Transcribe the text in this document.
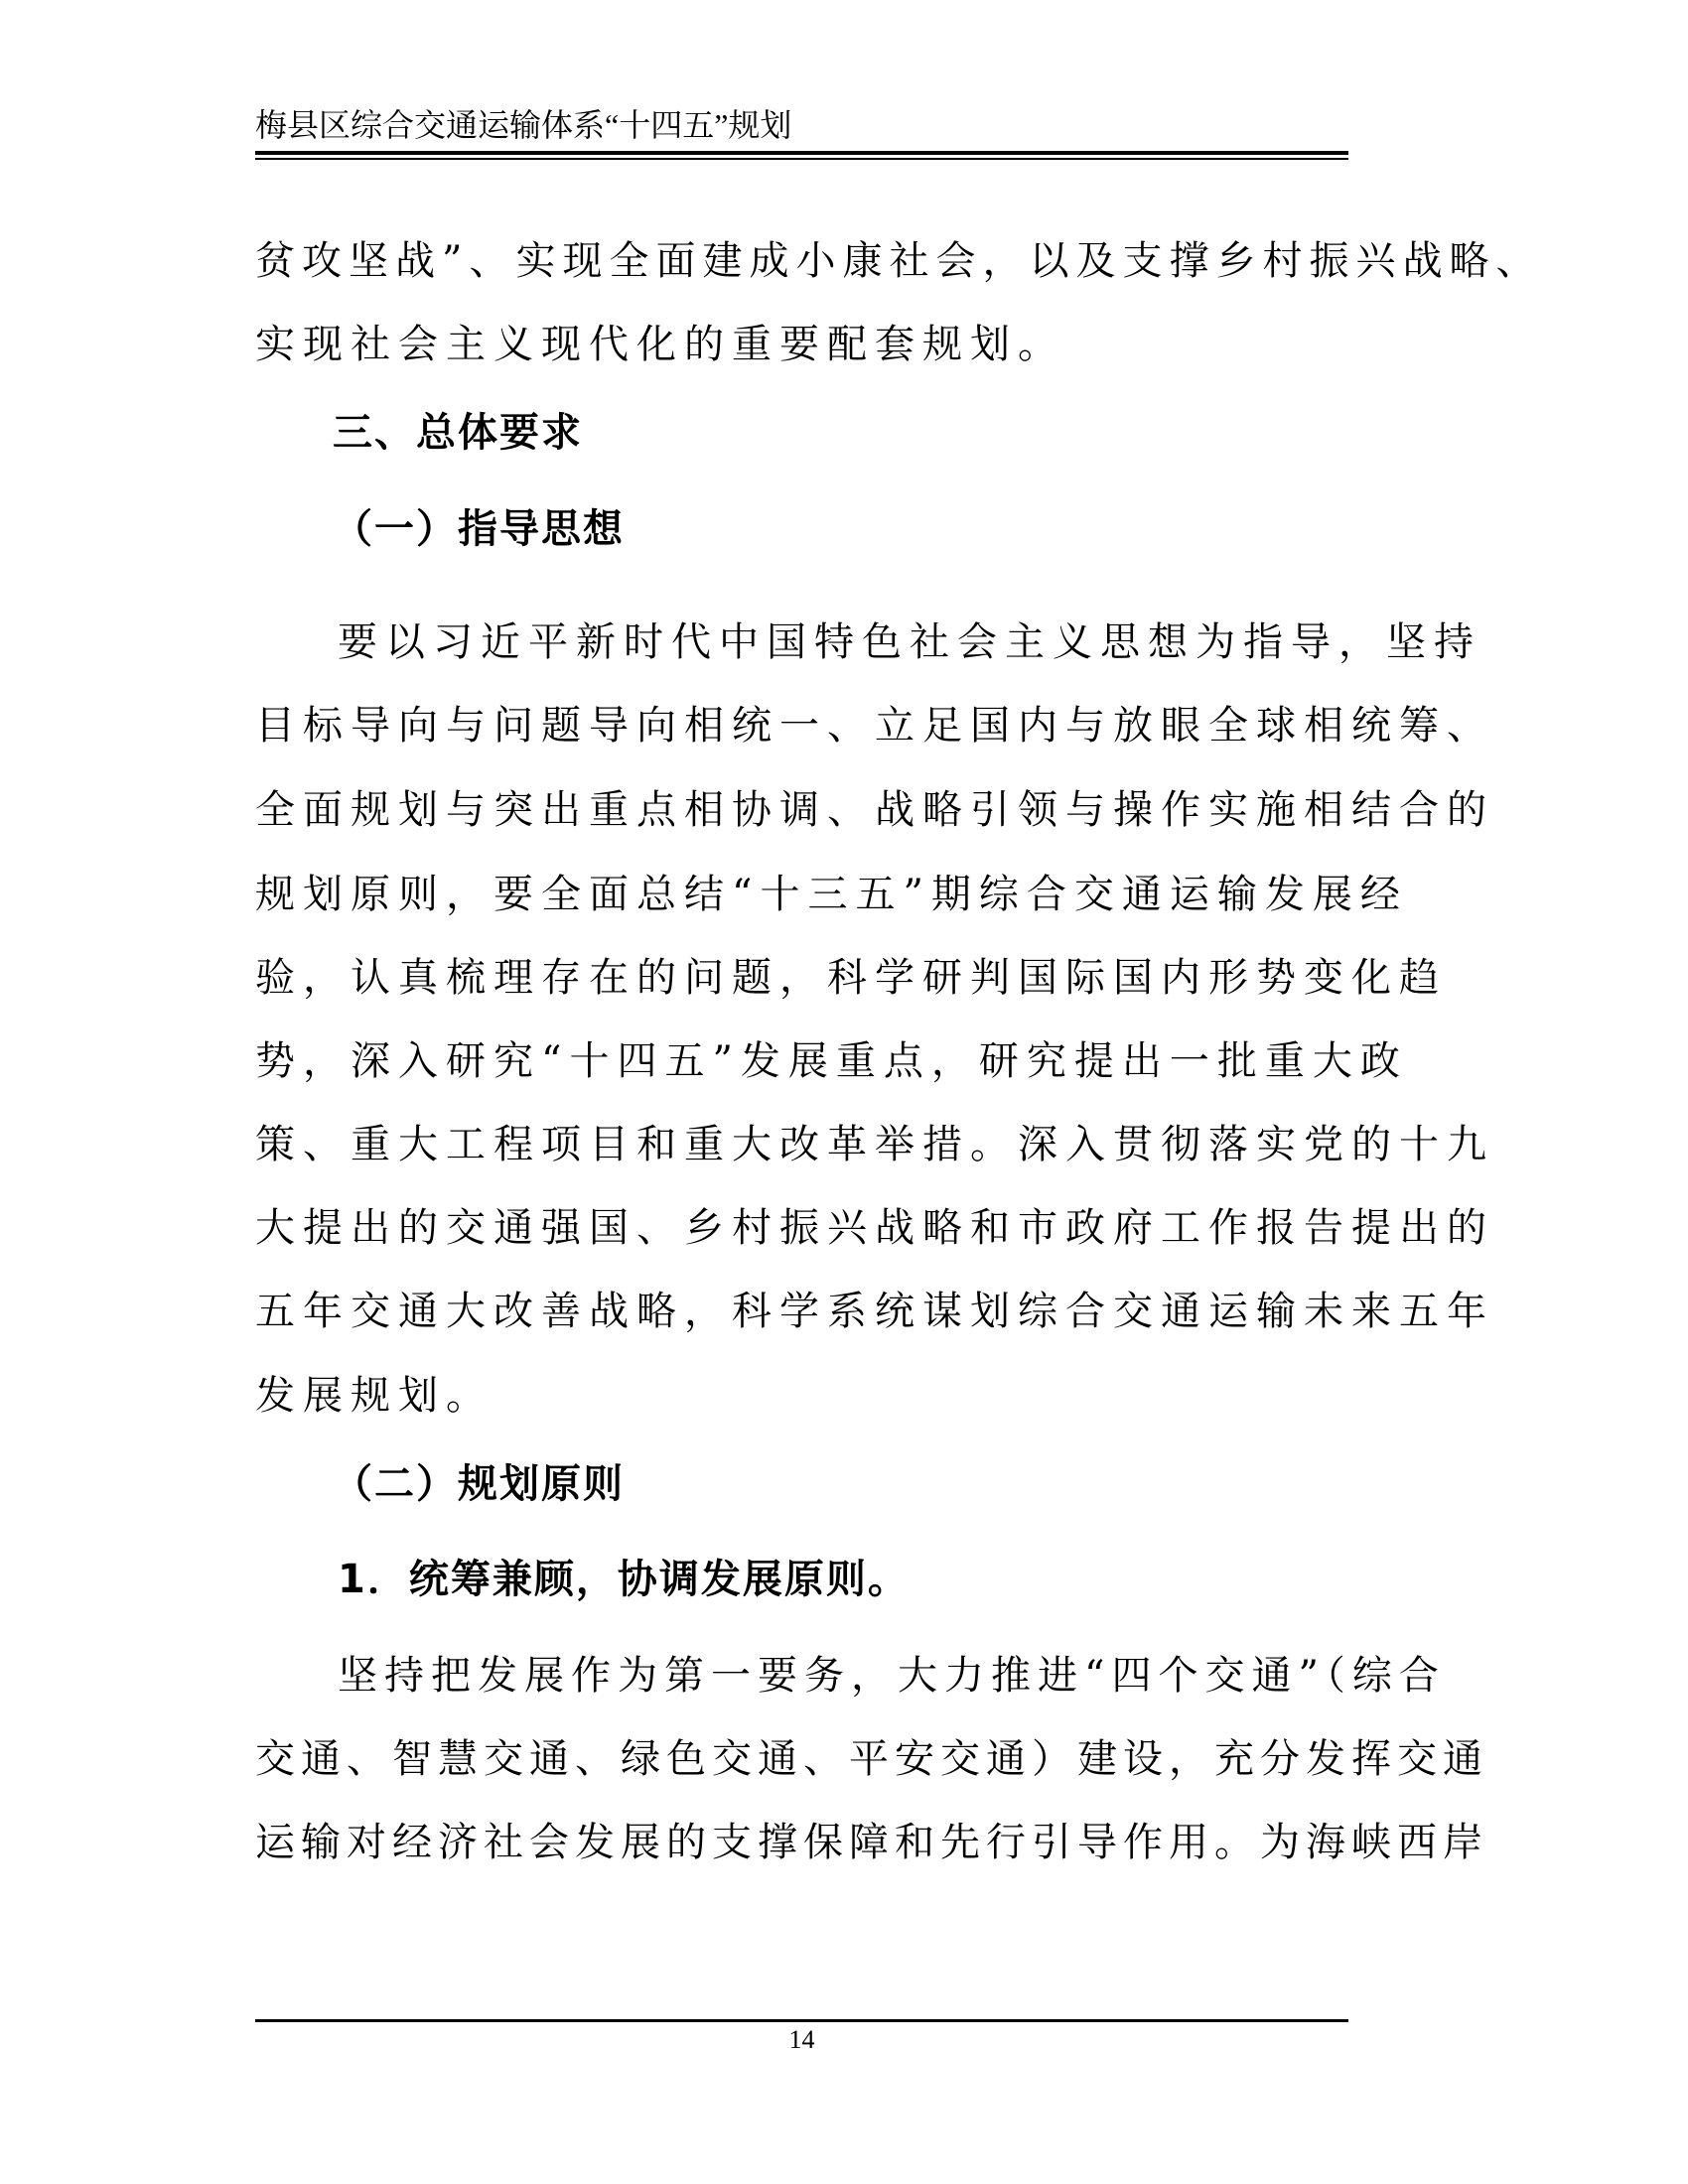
梅县区综合交通运输体系“十四五”规划
贫攻坚战”、实现全面建成小康社会，以及支撑乡村振兴战略、
实现社会主义现代化的重要配套规划。
三、总体要求
（一）指导思想
要以习近平新时代中国特色社会主义思想为指导，坚持
目标导向与问题导向相统一、立足国内与放眼全球相统筹、
全面规划与突出重点相协调、战略引领与操作实施相结合的
规划原则，要全面总结“十三五”期综合交通运输发展经
验，认真梳理存在的问题，科学研判国际国内形势变化趋
势，深入研究“十四五”发展重点，研究提出一批重大政
策、重大工程项目和重大改革举措。深入贯彻落实党的十九
大提出的交通强国、乡村振兴战略和市政府工作报告提出的
五年交通大改善战略，科学系统谋划综合交通运输未来五年
发展规划。
（二）规划原则
1．统筹兼顾，协调发展原则。
坚持把发展作为第一要务，大力推进“四个交通”（综合
交通、智慧交通、绿色交通、平安交通）建设，充分发挥交通
运输对经济社会发展的支撑保障和先行引导作用。为海峡西岸
14
